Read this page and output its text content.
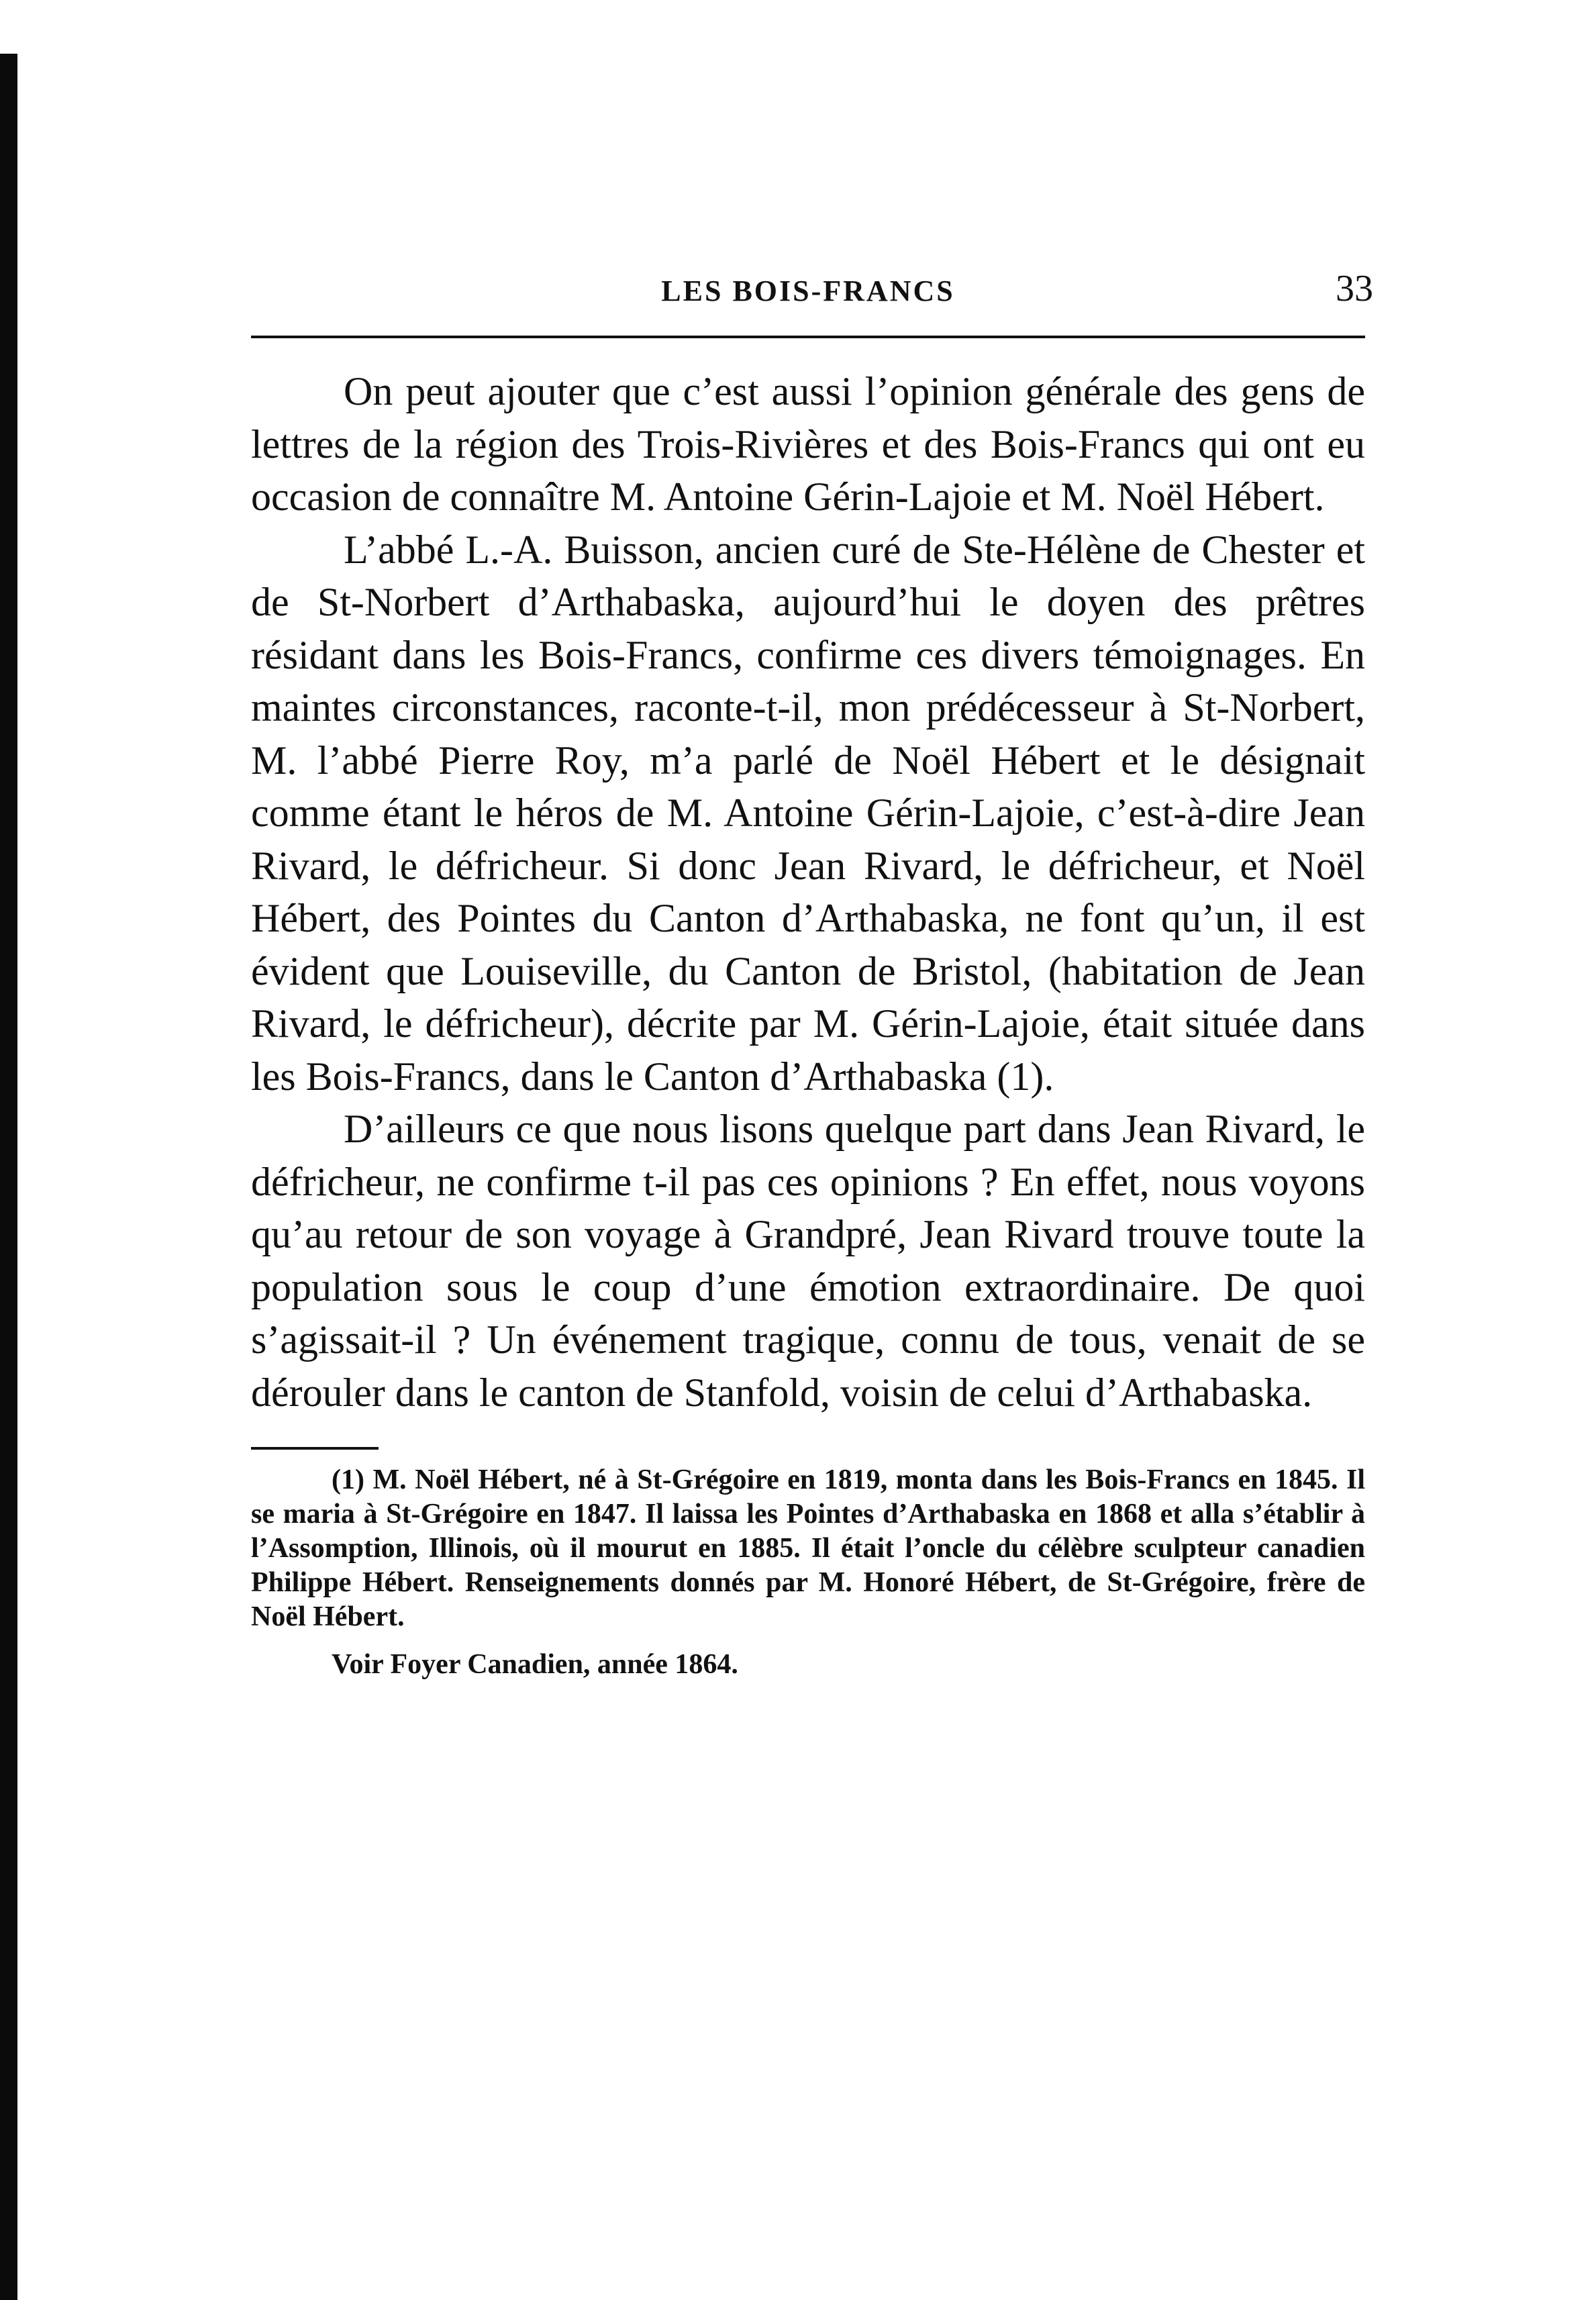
LES BOIS-FRANCS	33

On peut ajouter que c’est aussi l’opinion générale des gens de lettres de la région des Trois-Rivières et des Bois-Francs qui ont eu occasion de connaître M. Antoine Gérin-Lajoie et M. Noël Hébert.

L’abbé L.-A. Buisson, ancien curé de Ste-Hélène de Chester et de St-Norbert d’Arthabaska, aujourd’hui le doyen des prêtres résidant dans les Bois-Francs, confirme ces divers témoignages. En maintes circonstances, raconte-t-il, mon prédécesseur à St-Norbert, M. l’abbé Pierre Roy, m’a parlé de Noël Hébert et le désignait comme étant le héros de M. Antoine Gérin-Lajoie, c’est-à-dire Jean Rivard, le défricheur. Si donc Jean Rivard, le défricheur, et Noël Hébert, des Pointes du Canton d’Arthabaska, ne font qu’un, il est évident que Louiseville, du Canton de Bristol, (habitation de Jean Rivard, le défricheur), décrite par M. Gérin-Lajoie, était située dans les Bois-Francs, dans le Canton d’Arthabaska (1).

D’ailleurs ce que nous lisons quelque part dans Jean Rivard, le défricheur, ne confirme t-il pas ces opinions ? En effet, nous voyons qu’au retour de son voyage à Grandpré, Jean Rivard trouve toute la population sous le coup d’une émotion extraordinaire. De quoi s’agissait-il ? Un événement tragique, connu de tous, venait de se dérouler dans le canton de Stanfold, voisin de celui d’Arthabaska.

(1) M. Noël Hébert, né à St-Grégoire en 1819, monta dans les Bois-Francs en 1845. Il se maria à St-Grégoire en 1847. Il laissa les Pointes d’Arthabaska en 1868 et alla s’établir à l’Assomption, Illinois, où il mourut en 1885. Il était l’oncle du célèbre sculpteur canadien Philippe Hébert. Renseignements donnés par M. Honoré Hébert, de St-Grégoire, frère de Noël Hébert.

Voir Foyer Canadien, année 1864.
